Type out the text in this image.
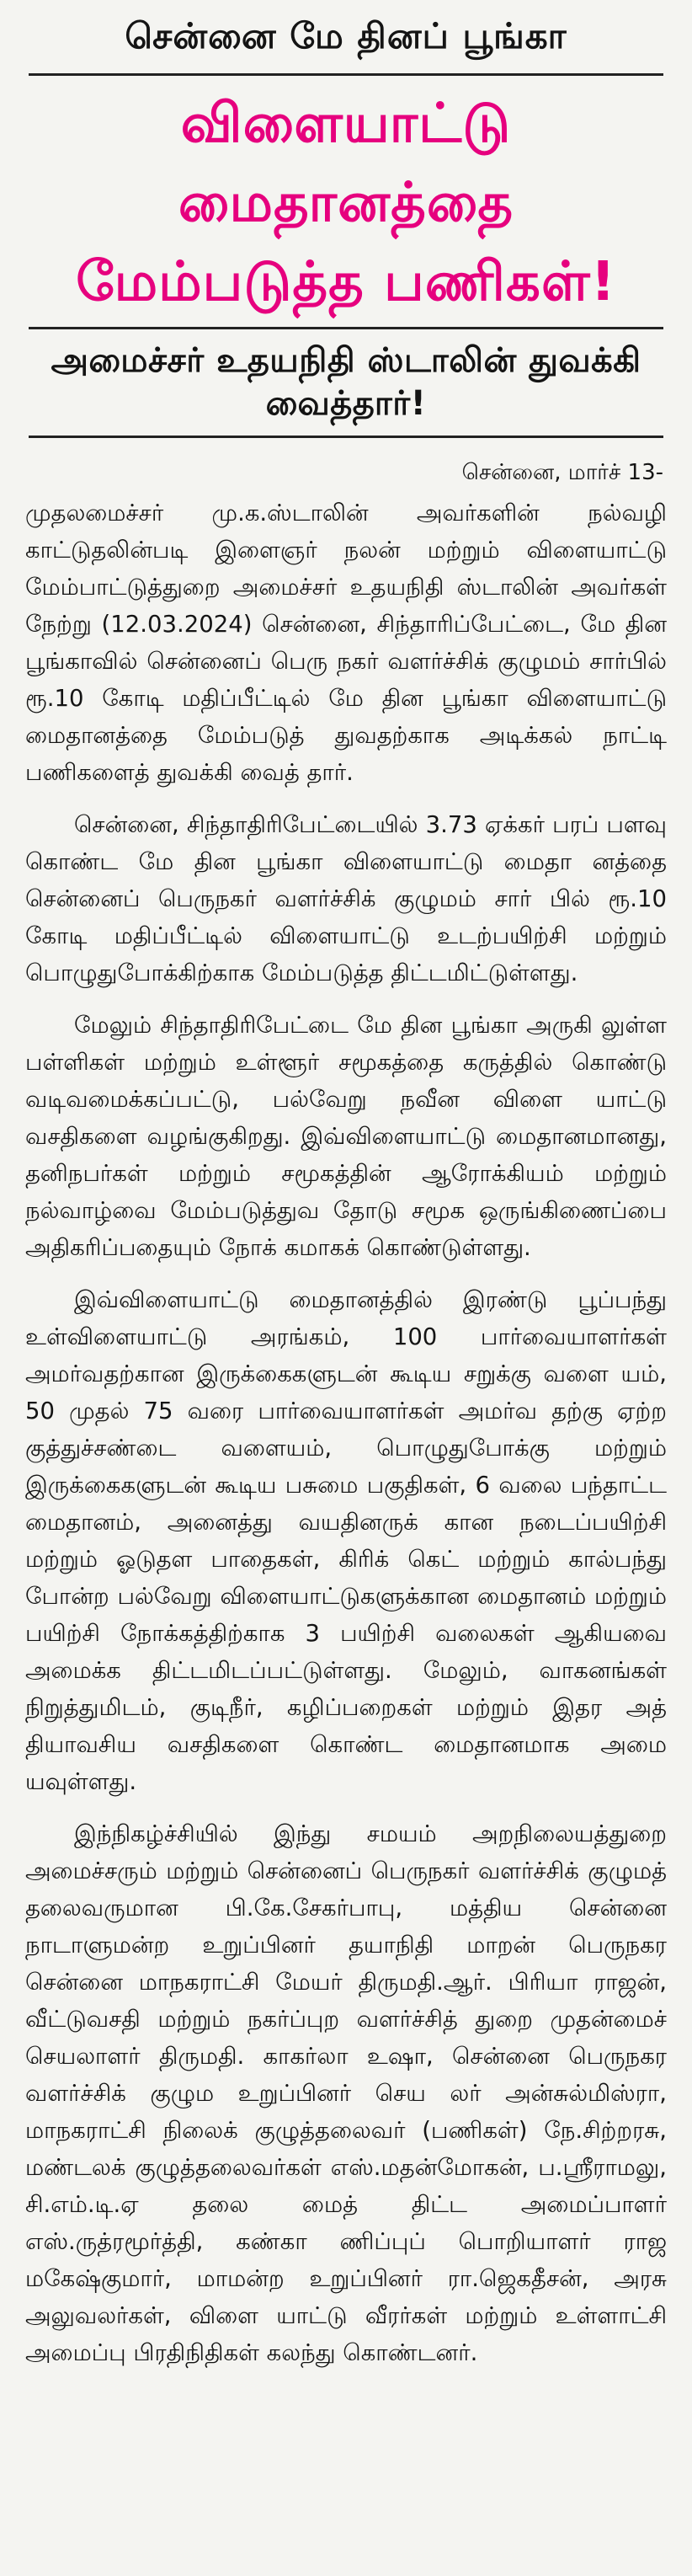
சென்னை மே தினப் பூங்கா
விளையாட்டு மைதானத்தை
மேம்படுத்த பணிகள்!
அமைச்சர் உதயநிதி ஸ்டாலின் துவக்கி வைத்தார்!
சென்னை, மார்ச் 13-

முதலமைச்சர் மு.க.ஸ்டாலின் அவர்களின் நல்வழி காட்டுதலின்படி இளைஞர் நலன் மற்றும் விளையாட்டு மேம்பாட்டுத்துறை அமைச்சர் உதயநிதி ஸ்டாலின் அவர்கள் நேற்று (12.03.2024) சென்னை, சிந்தாரிப்பேட்டை, மே தின பூங்காவில் சென்னைப் பெரு நகர் வளர்ச்சிக் குழுமம் சார்பில் ரூ.10 கோடி மதிப்பீட்டில் மே தின பூங்கா விளையாட்டு மைதானத்தை மேம்படுத் துவதற்காக அடிக்கல் நாட்டி பணிகளைத் துவக்கி வைத் தார்.

சென்னை, சிந்தாதிரிபேட்டையில் 3.73 ஏக்கர் பரப் பளவு கொண்ட மே தின பூங்கா விளையாட்டு மைதா னத்தை சென்னைப் பெருநகர் வளர்ச்சிக் குழுமம் சார் பில் ரூ.10 கோடி மதிப்பீட்டில் விளையாட்டு உடற்பயிற்சி மற்றும் பொழுதுபோக்கிற்காக மேம்படுத்த திட்டமிட்டுள்ளது.

மேலும் சிந்தாதிரிபேட்டை மே தின பூங்கா அருகி லுள்ள பள்ளிகள் மற்றும் உள்ளூர் சமூகத்தை கருத்தில் கொண்டு வடிவமைக்கப்பட்டு, பல்வேறு நவீன விளை யாட்டு வசதிகளை வழங்குகிறது. இவ்விளையாட்டு மைதானமானது, தனிநபர்கள் மற்றும் சமூகத்தின் ஆரோக்கியம் மற்றும் நல்வாழ்வை மேம்படுத்துவ தோடு சமூக ஒருங்கிணைப்பை அதிகரிப்பதையும் நோக் கமாகக் கொண்டுள்ளது.

இவ்விளையாட்டு மைதானத்தில் இரண்டு பூப்பந்து உள்விளையாட்டு அரங்கம், 100 பார்வையாளர்கள் அமர்வதற்கான இருக்கைகளுடன் கூடிய சறுக்கு வளை யம், 50 முதல் 75 வரை பார்வையாளர்கள் அமர்வ தற்கு ஏற்ற குத்துச்சண்டை வளையம், பொழுதுபோக்கு மற்றும் இருக்கைகளுடன் கூடிய பசுமை பகுதிகள், 6 வலை பந்தாட்ட மைதானம், அனைத்து வயதினருக் கான நடைப்பயிற்சி மற்றும் ஓடுதள பாதைகள், கிரிக் கெட் மற்றும் கால்பந்து போன்ற பல்வேறு விளையாட்டுகளுக்கான மைதானம் மற்றும் பயிற்சி நோக்கத்திற்காக 3 பயிற்சி வலைகள் ஆகியவை அமைக்க திட்டமிடப்பட்டுள்ளது. மேலும், வாகனங்கள் நிறுத்துமிடம், குடிநீர், கழிப்பறைகள் மற்றும் இதர அத் தியாவசிய வசதிகளை கொண்ட மைதானமாக அமை யவுள்ளது.

இந்நிகழ்ச்சியில் இந்து சமயம் அறநிலையத்துறை அமைச்சரும் மற்றும் சென்னைப் பெருநகர் வளர்ச்சிக் குழுமத் தலைவருமான பி.கே.சேகர்பாபு, மத்திய சென்னை நாடாளுமன்ற உறுப்பினர் தயாநிதி மாறன் பெருநகர சென்னை மாநகராட்சி மேயர் திருமதி.ஆர். பிரியா ராஜன், வீட்டுவசதி மற்றும் நகர்ப்புற வளர்ச்சித் துறை முதன்மைச் செயலாளர் திருமதி. காகர்லா உஷா, சென்னை பெருநகர வளர்ச்சிக் குழும உறுப்பினர் செய லர் அன்சுல்மிஸ்ரா, மாநகராட்சி நிலைக் குழுத்தலைவர் (பணிகள்) நே.சிற்றரசு, மண்டலக் குழுத்தலைவர்கள் எஸ்.மதன்மோகன், ப.ஸ்ரீராமலு, சி.எம்.டி.ஏ தலை மைத் திட்ட அமைப்பாளர் எஸ்.ருத்ரமூர்த்தி, கண்கா ணிப்புப் பொறியாளர் ராஜ மகேஷ்குமார், மாமன்ற உறுப்பினர் ரா.ஜெகதீசன், அரசு அலுவலர்கள், விளை யாட்டு வீரர்கள் மற்றும் உள்ளாட்சி அமைப்பு பிரதிநிதிகள் கலந்து கொண்டனர்.
